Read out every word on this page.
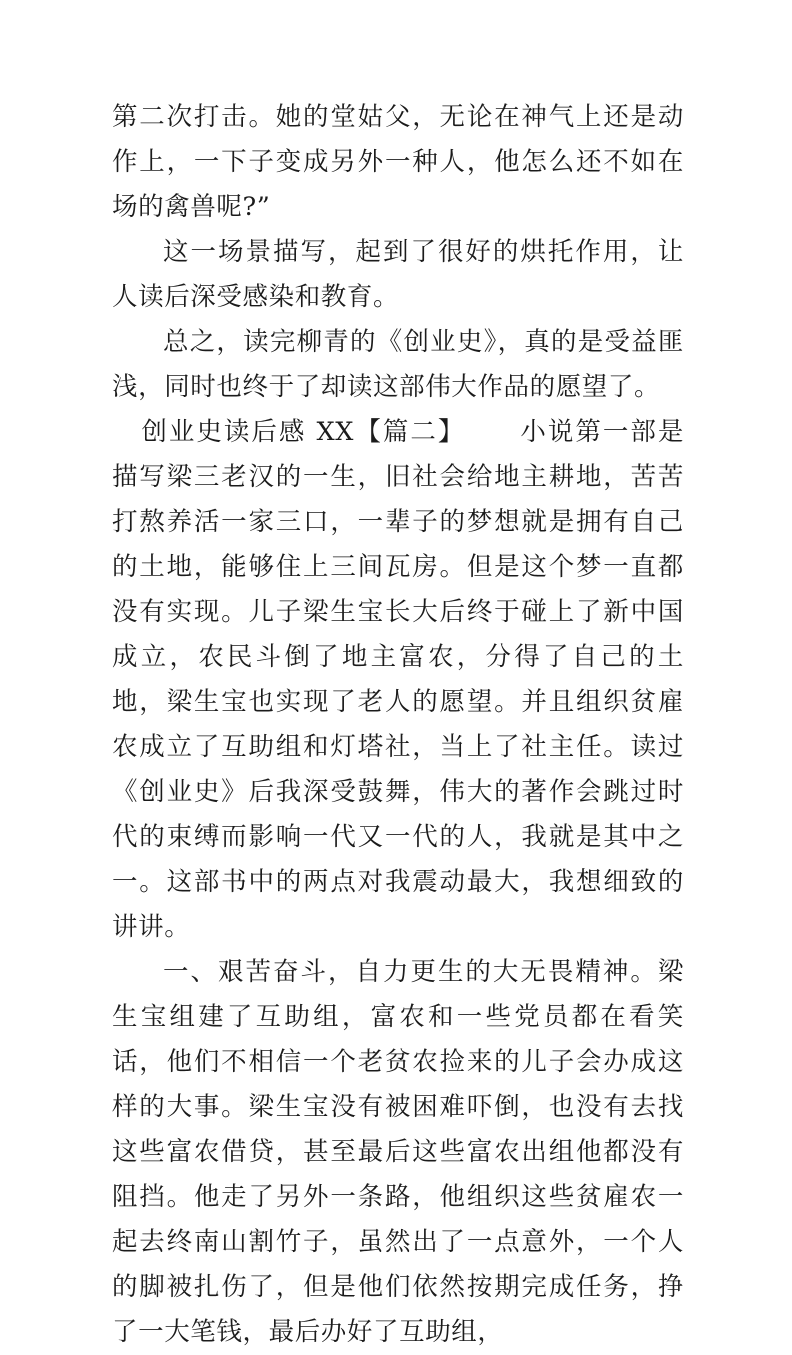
第二次打击。她的堂姑父，无论在神气上还是动作上，一下子变成另外一种人，他怎么还不如在场的禽兽呢?”

这一场景描写，起到了很好的烘托作用，让人读后深受感染和教育。

总之，读完柳青的《创业史》，真的是受益匪浅，同时也终于了却读这部伟大作品的愿望了。

创业史读后感 XX【篇二】 小说第一部是描写梁三老汉的一生，旧社会给地主耕地，苦苦打熬养活一家三口，一辈子的梦想就是拥有自己的土地，能够住上三间瓦房。但是这个梦一直都没有实现。儿子梁生宝长大后终于碰上了新中国成立，农民斗倒了地主富农，分得了自己的土地，梁生宝也实现了老人的愿望。并且组织贫雇农成立了互助组和灯塔社，当上了社主任。读过《创业史》后我深受鼓舞，伟大的著作会跳过时代的束缚而影响一代又一代的人，我就是其中之一。这部书中的两点对我震动最大，我想细致的讲讲。

一、艰苦奋斗，自力更生的大无畏精神。梁生宝组建了互助组，富农和一些党员都在看笑话，他们不相信一个老贫农捡来的儿子会办成这样的大事。梁生宝没有被困难吓倒，也没有去找这些富农借贷，甚至最后这些富农出组他都没有阻挡。他走了另外一条路，他组织这些贫雇农一起去终南山割竹子，虽然出了一点意外，一个人的脚被扎伤了，但是他们依然按期完成任务，挣了一大笔钱，最后办好了互助组，
